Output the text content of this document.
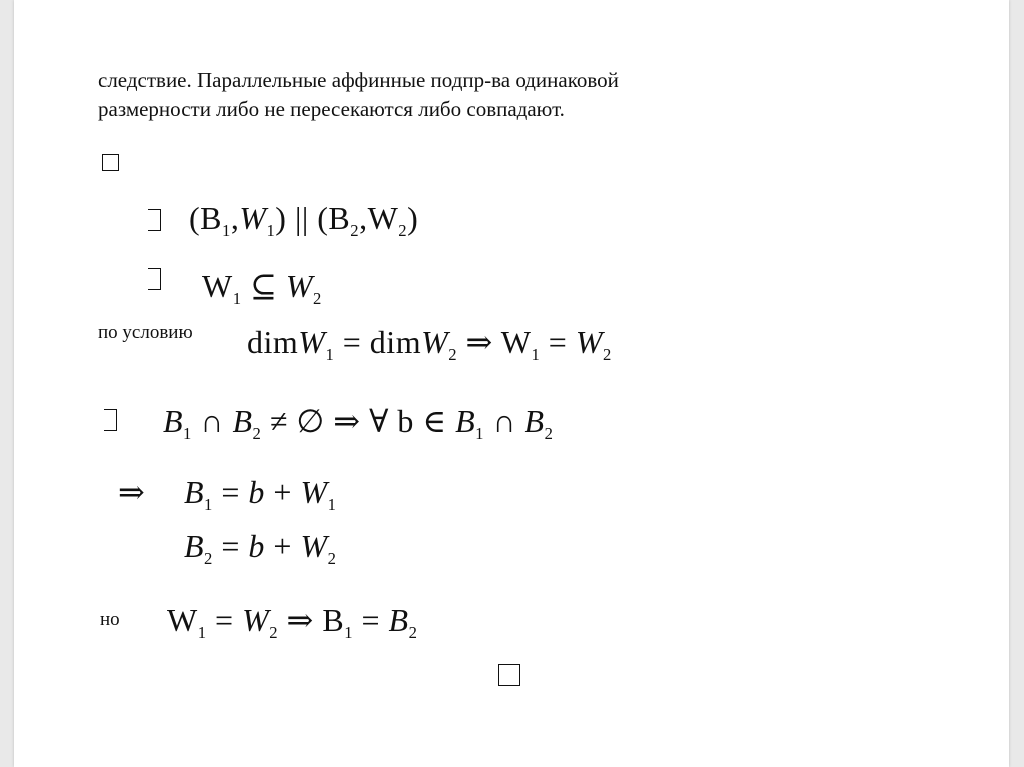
следствие. Параллельные аффинные подпр-ва одинаковой
размерности либо не пересекаются либо совпадают.
$(B_1,W_1)$ || $(B_2,W_2)$
$W_1$ ⊆ $W_2$
по условию dimW$_1$ = dimW$_2$ ⇒ $W_1 = W_2$
$B_1$ ∩ $B_2$ ≠ ∅ ⇒ ∀ b ∈ $B_1$ ∩ $B_2$
⇒ $B_1 = b + W_1$
$B_2 = b + W_2$
но $W_1 = W_2$ ⇒ $B_1 = B_2$
